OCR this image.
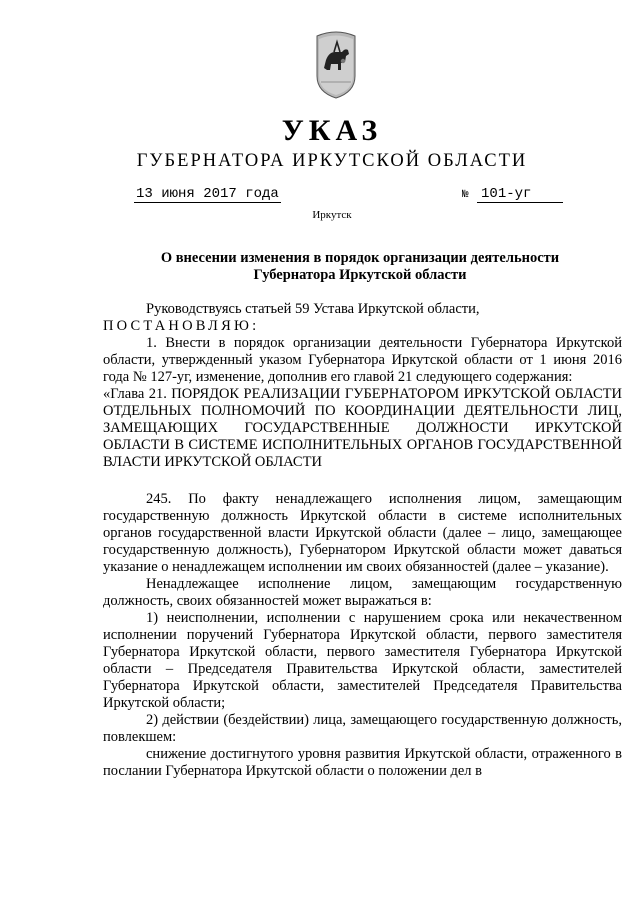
УКАЗ
ГУБЕРНАТОРА ИРКУТСКОЙ ОБЛАСТИ
13 июня 2017 года	№ 101-уг
Иркутск
О внесении изменения в порядок организации деятельности
Губернатора Иркутской области

Руководствуясь статьей 59 Устава Иркутской области,

ПОСТАНОВЛЯЮ:

1. Внести в порядок организации деятельности Губернатора Иркутской области, утвержденный указом Губернатора Иркутской области от 1 июня 2016 года № 127-уг, изменение, дополнив его главой 21 следующего содержания:

«Глава 21. ПОРЯДОК РЕАЛИЗАЦИИ ГУБЕРНАТОРОМ ИРКУТСКОЙ ОБЛАСТИ ОТДЕЛЬНЫХ ПОЛНОМОЧИЙ ПО КООРДИНАЦИИ ДЕЯТЕЛЬНОСТИ ЛИЦ, ЗАМЕЩАЮЩИХ ГОСУДАРСТВЕННЫЕ ДОЛЖНОСТИ ИРКУТСКОЙ ОБЛАСТИ В СИСТЕМЕ ИСПОЛНИТЕЛЬНЫХ ОРГАНОВ ГОСУДАРСТВЕННОЙ ВЛАСТИ ИРКУТСКОЙ ОБЛАСТИ

245. По факту ненадлежащего исполнения лицом, замещающим государственную должность Иркутской области в системе исполнительных органов государственной власти Иркутской области (далее – лицо, замещающее государственную должность), Губернатором Иркутской области может даваться указание о ненадлежащем исполнении им своих обязанностей (далее – указание).

Ненадлежащее исполнение лицом, замещающим государственную должность, своих обязанностей может выражаться в:

1) неисполнении, исполнении с нарушением срока или некачественном исполнении поручений Губернатора Иркутской области, первого заместителя Губернатора Иркутской области, первого заместителя Губернатора Иркутской области – Председателя Правительства Иркутской области, заместителей Губернатора Иркутской области, заместителей Председателя Правительства Иркутской области;

2) действии (бездействии) лица, замещающего государственную должность, повлекшем:

снижение достигнутого уровня развития Иркутской области, отраженного в послании Губернатора Иркутской области о положении дел в
